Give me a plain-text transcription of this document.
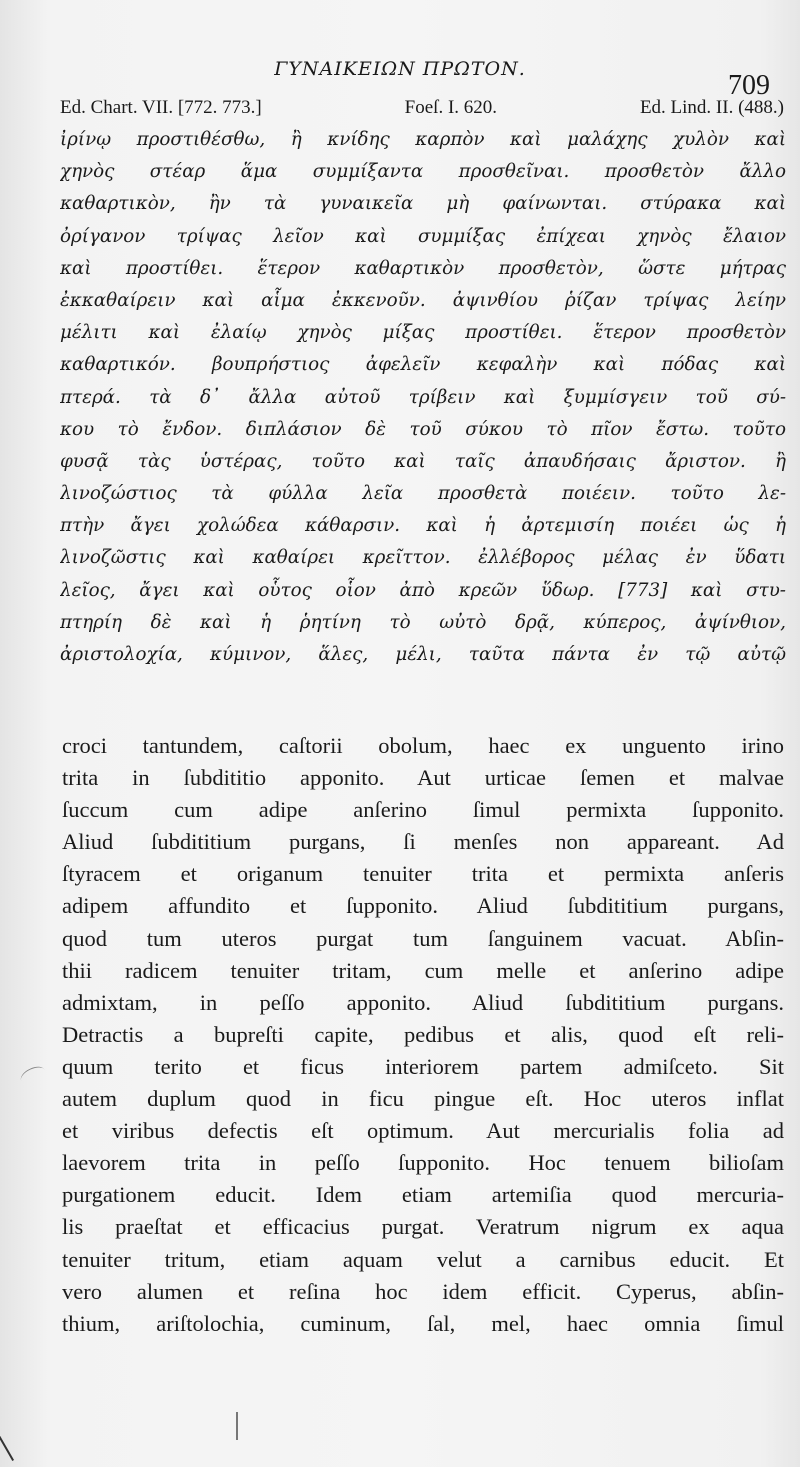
ΓΥΝΑΙΚΕΙΩΝ ΠΡΩΤΟΝ.
709
Ed. Chart. VII. [772. 773.]	Foeſ. I. 620.	Ed. Lind. II. (488.)
ἰρίνῳ προστιθέσθω, ἢ κνίδης καρπὸν καὶ μαλάχης χυλὸν καὶ
χηνὸς στέαρ ἅμα συμμίξαντα προσθεῖναι. προσθετὸν ἄλλο
καθαρτικὸν, ἢν τὰ γυναικεῖα μὴ φαίνωνται. στύρακα καὶ
ὀρίγανον τρίψας λεῖον καὶ συμμίξας ἐπίχεαι χηνὸς ἔλαιον
καὶ προστίθει. ἕτερον καθαρτικὸν προσθετὸν, ὥστε μήτρας
ἐκκαθαίρειν καὶ αἷμα ἐκκενοῦν. ἀψινθίου ῥίζαν τρίψας λείην
μέλιτι καὶ ἐλαίῳ χηνὸς μίξας προστίθει. ἕτερον προσθετὸν
καθαρτικόν. βουπρήστιος ἀφελεῖν κεφαλὴν καὶ πόδας καὶ
πτερά. τὰ δ᾽ ἄλλα αὐτοῦ τρίβειν καὶ ξυμμίσγειν τοῦ σύ-
κου τὸ ἔνδον. διπλάσιον δὲ τοῦ σύκου τὸ πῖον ἔστω. τοῦτο
φυσᾷ τὰς ὑστέρας, τοῦτο καὶ ταῖς ἀπαυδήσαις ἄριστον. ἢ
λινοζώστιος τὰ φύλλα λεῖα προσθετὰ ποιέειν. τοῦτο λε-
πτὴν ἄγει χολώδεα κάθαρσιν. καὶ ἡ ἀρτεμισίη ποιέει ὡς ἡ
λινοζῶστις καὶ καθαίρει κρεῖττον. ἐλλέβορος μέλας ἐν ὕδατι
λεῖος, ἄγει καὶ οὗτος οἷον ἀπὸ κρεῶν ὕδωρ. [773] καὶ στυ-
πτηρίη δὲ καὶ ἡ ῥητίνη τὸ ωὐτὸ δρᾷ, κύπερος, ἀψίνθιον,
ἀριστολοχία, κύμινον, ἅλες, μέλι, ταῦτα πάντα ἐν τῷ αὐτῷ
croci tantundem, caſtorii obolum, haec ex unguento irino
trita in ſubdititio apponito. Aut urticae ſemen et malvae
ſuccum cum adipe anſerino ſimul permixta ſupponito.
Aliud ſubdititium purgans, ſi menſes non appareant. Ad
ſtyracem et origanum tenuiter trita et permixta anſeris
adipem affundito et ſupponito. Aliud ſubdititium purgans,
quod tum uteros purgat tum ſanguinem vacuat. Abſin-
thii radicem tenuiter tritam, cum melle et anſerino adipe
admixtam, in peſſo apponito. Aliud ſubdititium purgans.
Detractis a bupreſti capite, pedibus et alis, quod eſt reli-
quum terito et ficus interiorem partem admiſceto. Sit
autem duplum quod in ficu pingue eſt. Hoc uteros inflat
et viribus defectis eſt optimum. Aut mercurialis folia ad
laevorem trita in peſſo ſupponito. Hoc tenuem bilioſam
purgationem educit. Idem etiam artemiſia quod mercuria-
lis praeſtat et efficacius purgat. Veratrum nigrum ex aqua
tenuiter tritum, etiam aquam velut a carnibus educit. Et
vero alumen et reſina hoc idem efficit. Cyperus, abſin-
thium, ariſtolochia, cuminum, ſal, mel, haec omnia ſimul
